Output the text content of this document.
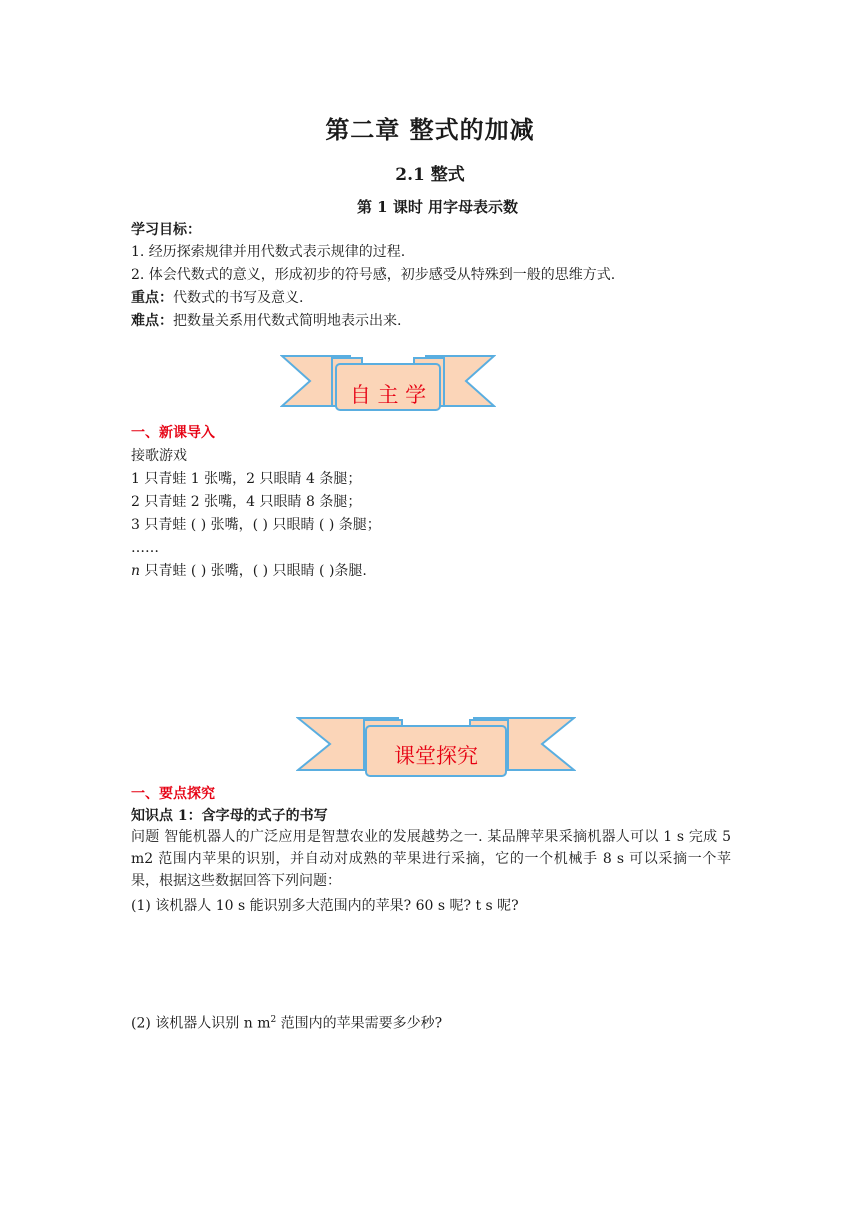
第二章 整式的加减
2.1 整式
第 1 课时 用字母表示数
学习目标：
1. 经历探索规律并用代数式表示规律的过程.
2. 体会代数式的意义，形成初步的符号感，初步感受从特殊到一般的思维方式.
重点：代数式的书写及意义.
难点：把数量关系用代数式简明地表示出来.
自 主 学
一、新课导入
接歌游戏
1 只青蛙 1 张嘴，2 只眼睛 4 条腿；
2 只青蛙 2 张嘴，4 只眼睛 8 条腿；
3 只青蛙 ( ) 张嘴，( ) 只眼睛 ( ) 条腿；
……
n 只青蛙 ( ) 张嘴，( ) 只眼睛 ( )条腿.
课堂探究
一、要点探究
知识点 1：含字母的式子的书写
问题 智能机器人的广泛应用是智慧农业的发展越势之一. 某品牌苹果采摘机器人可以 1 s 完成 5 m2 范围内苹果的识别，并自动对成熟的苹果进行采摘，它的一个机械手 8 s 可以采摘一个苹果，根据这些数据回答下列问题：
(1) 该机器人 10 s 能识别多大范围内的苹果? 60 s 呢? t s 呢?
(2) 该机器人识别 n $m^2$ 范围内的苹果需要多少秒?
